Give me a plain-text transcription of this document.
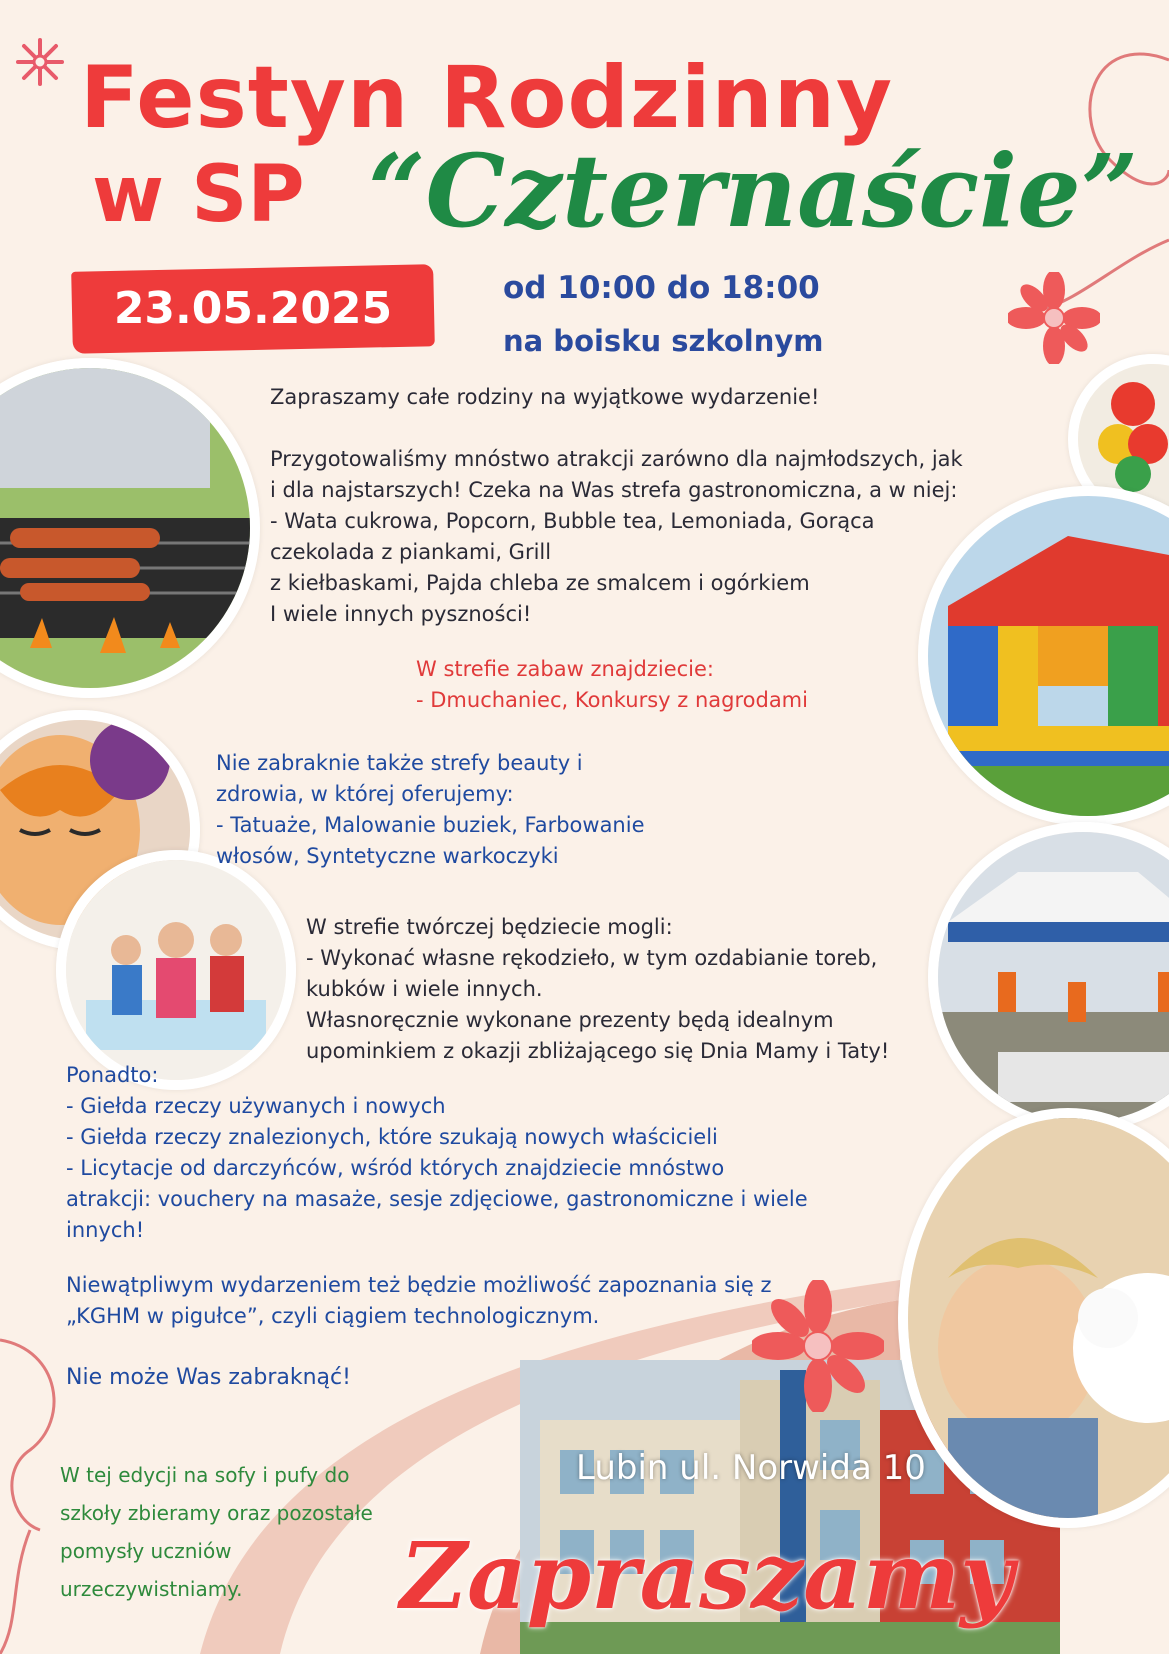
Festyn Rodzinny
w SP “Czternaście”
23.05.2025	od 10:00 do 18:00
na boisku szkolnym
Zapraszamy całe rodziny na wyjątkowe wydarzenie!
Przygotowaliśmy mnóstwo atrakcji zarówno dla najmłodszych, jak
i dla najstarszych! Czeka na Was strefa gastronomiczna, a w niej:
- Wata cukrowa, Popcorn, Bubble tea, Lemoniada, Gorąca
czekolada z piankami, Grill
z kiełbaskami, Pajda chleba ze smalcem i ogórkiem
I wiele innych pyszności!
W strefie zabaw znajdziecie:
- Dmuchaniec, Konkursy z nagrodami
Nie zabraknie także strefy beauty i
zdrowia, w której oferujemy:
- Tatuaże, Malowanie buziek, Farbowanie
włosów, Syntetyczne warkoczyki
W strefie twórczej będziecie mogli:
- Wykonać własne rękodzieło, w tym ozdabianie toreb,
kubków i wiele innych.
Własnoręcznie wykonane prezenty będą idealnym
upominkiem z okazji zbliżającego się Dnia Mamy i Taty!
Ponadto:
- Giełda rzeczy używanych i nowych
- Giełda rzeczy znalezionych, które szukają nowych właścicieli
- Licytacje od darczyńców, wśród których znajdziecie mnóstwo
atrakcji: vouchery na masaże, sesje zdjęciowe, gastronomiczne i wiele
innych!
Niewątpliwym wydarzeniem też będzie możliwość zapoznania się z
„KGHM w pigułce”, czyli ciągiem technologicznym.
Nie może Was zabraknąć!
W tej edycji na sofy i pufy do
szkoły zbieramy oraz pozostałe
pomysły uczniów
urzeczywistniamy.
Lubin ul. Norwida 10
Zapraszamy
